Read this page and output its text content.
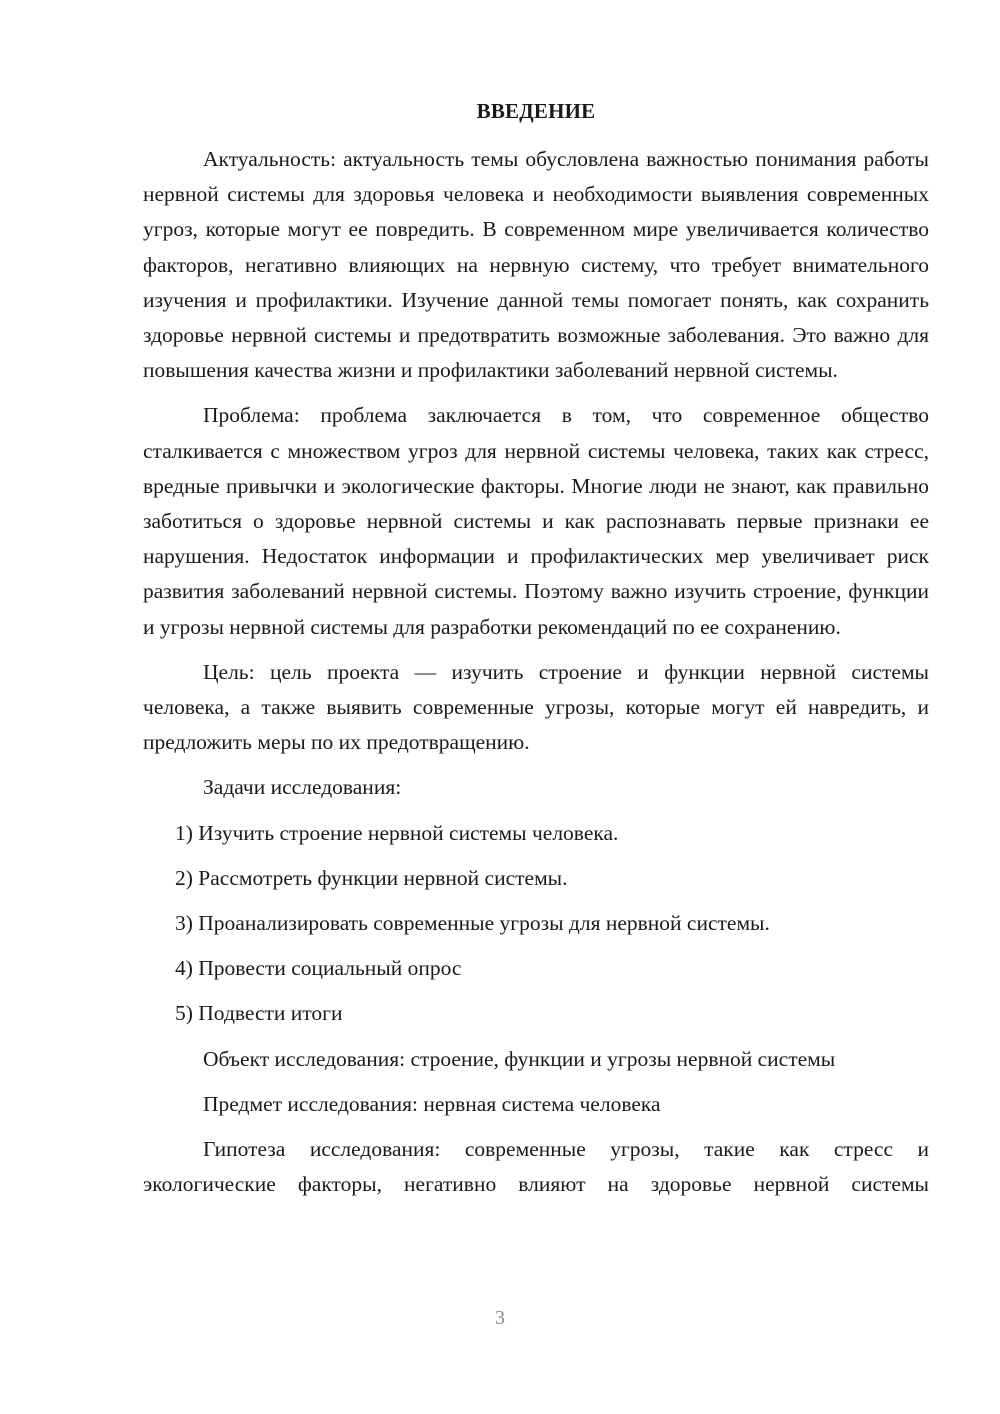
ВВЕДЕНИЕ

Актуальность: актуальность темы обусловлена важностью понимания работы нервной системы для здоровья человека и необходимости выявления современных угроз, которые могут ее повредить. В современном мире увеличивается количество факторов, негативно влияющих на нервную систему, что требует внимательного изучения и профилактики. Изучение данной темы помогает понять, как сохранить здоровье нервной системы и предотвратить возможные заболевания. Это важно для повышения качества жизни и профилактики заболеваний нервной системы.

Проблема: проблема заключается в том, что современное общество сталкивается с множеством угроз для нервной системы человека, таких как стресс, вредные привычки и экологические факторы. Многие люди не знают, как правильно заботиться о здоровье нервной системы и как распознавать первые признаки ее нарушения. Недостаток информации и профилактических мер увеличивает риск развития заболеваний нервной системы. Поэтому важно изучить строение, функции и угрозы нервной системы для разработки рекомендаций по ее сохранению.

Цель: цель проекта — изучить строение и функции нервной системы человека, а также выявить современные угрозы, которые могут ей навредить, и предложить меры по их предотвращению.

Задачи исследования:

1) Изучить строение нервной системы человека.

2) Рассмотреть функции нервной системы.

3) Проанализировать современные угрозы для нервной системы.

4) Провести социальный опрос

5) Подвести итоги

Объект исследования: строение, функции и угрозы нервной системы

Предмет исследования: нервная система человека

Гипотеза исследования: современные угрозы, такие как стресс и экологические факторы, негативно влияют на здоровье нервной системы

3
